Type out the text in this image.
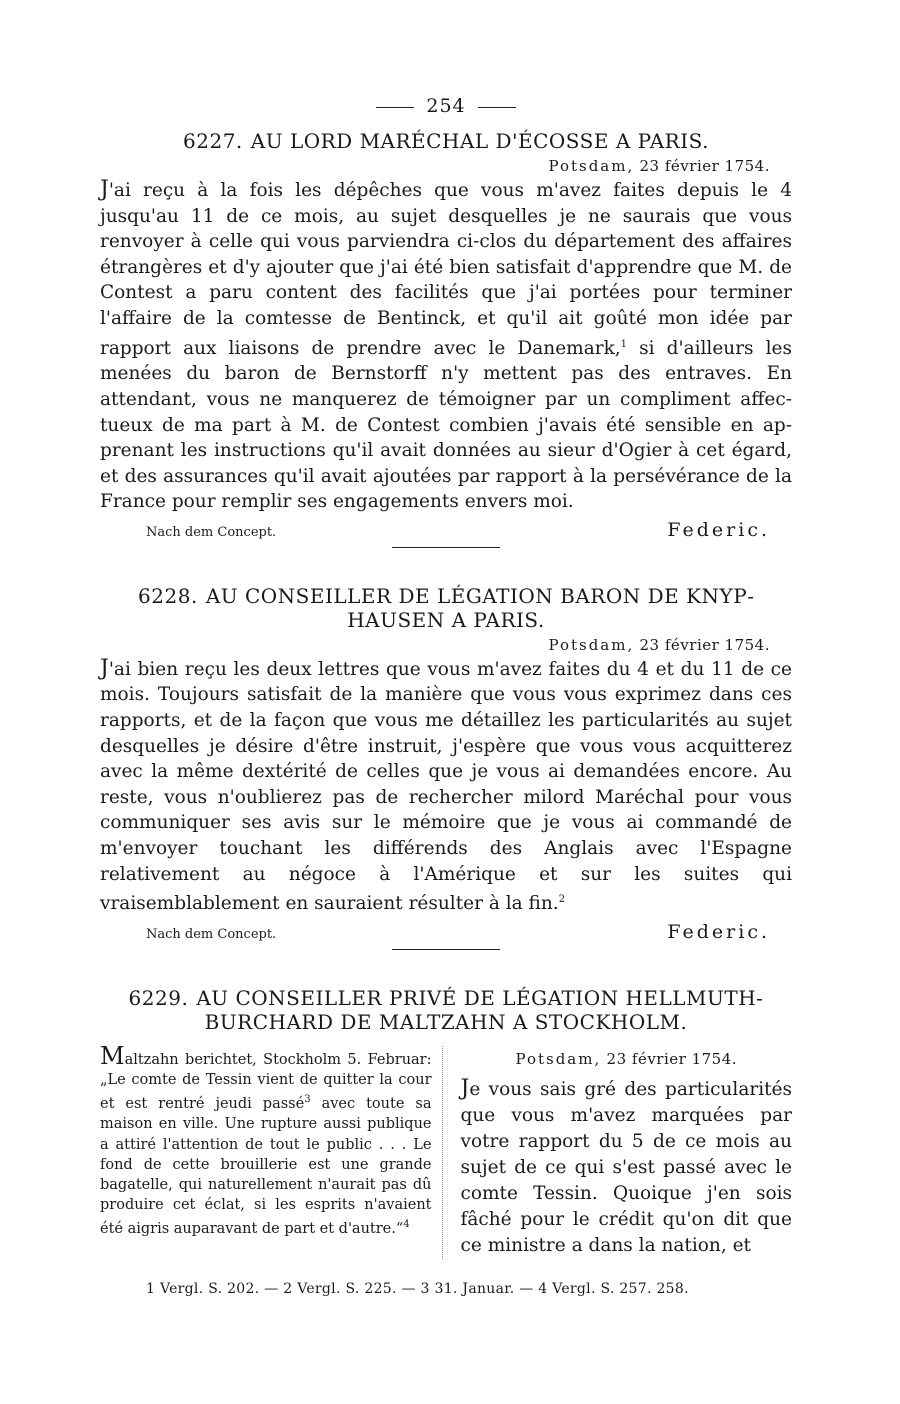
254
6227. AU LORD MARÉCHAL D'ÉCOSSE A PARIS.
Potsdam, 23 février 1754.

J'ai reçu à la fois les dépêches que vous m'avez faites depuis le 4 jusqu'au 11 de ce mois, au sujet desquelles je ne saurais que vous renvoyer à celle qui vous parviendra ci-clos du département des affaires étrangères et d'y ajouter que j'ai été bien satisfait d'apprendre que M. de Contest a paru content des facilités que j'ai portées pour terminer l'affaire de la comtesse de Bentinck, et qu'il ait goûté mon idée par rapport aux liaisons de prendre avec le Danemark,$^1$ si d'ailleurs les menées du baron de Bernstorff n'y mettent pas des entraves. En attendant, vous ne manquerez de témoigner par un compliment affectueux de ma part à M. de Contest combien j'avais été sensible en apprenant les instructions qu'il avait données au sieur d'Ogier à cet égard, et des assurances qu'il avait ajoutées par rapport à la persévérance de la France pour remplir ses engagements envers moi.

Nach dem Concept.	Federic.
6228. AU CONSEILLER DE LÉGATION BARON DE KNYPHAUSEN A PARIS.
Potsdam, 23 février 1754.

J'ai bien reçu les deux lettres que vous m'avez faites du 4 et du 11 de ce mois. Toujours satisfait de la manière que vous vous exprimez dans ces rapports, et de la façon que vous me détaillez les particularités au sujet desquelles je désire d'être instruit, j'espère que vous vous acquitterez avec la même dextérité de celles que je vous ai demandées encore. Au reste, vous n'oublierez pas de rechercher milord Maréchal pour vous communiquer ses avis sur le mémoire que je vous ai commandé de m'envoyer touchant les différends des Anglais avec l'Espagne relativement au négoce à l'Amérique et sur les suites qui vraisemblablement en sauraient résulter à la fin.$^2$

Nach dem Concept.	Federic.
6229. AU CONSEILLER PRIVÉ DE LÉGATION HELLMUTH-BURCHARD DE MALTZAHN A STOCKHOLM.
Maltzahn berichtet, Stockholm 5. Februar: „Le comte de Tessin vient de quitter la cour et est rentré jeudi passé$^3$ avec toute sa maison en ville. Une rupture aussi publique a attiré l'attention de tout le public . . . Le fond de cette brouillerie est une grande bagatelle, qui naturellement n'aurait pas dû produire cet éclat, si les esprits n'avaient été aigris auparavant de part et d'autre.“$^4$
Potsdam, 23 février 1754.
Je vous sais gré des particularités que vous m'avez marquées par votre rapport du 5 de ce mois au sujet de ce qui s'est passé avec le comte Tessin. Quoique j'en sois fâché pour le crédit qu'on dit que ce ministre a dans la nation, et
1 Vergl. S. 202. — 2 Vergl. S. 225. — 3 31. Januar. — 4 Vergl. S. 257. 258.
